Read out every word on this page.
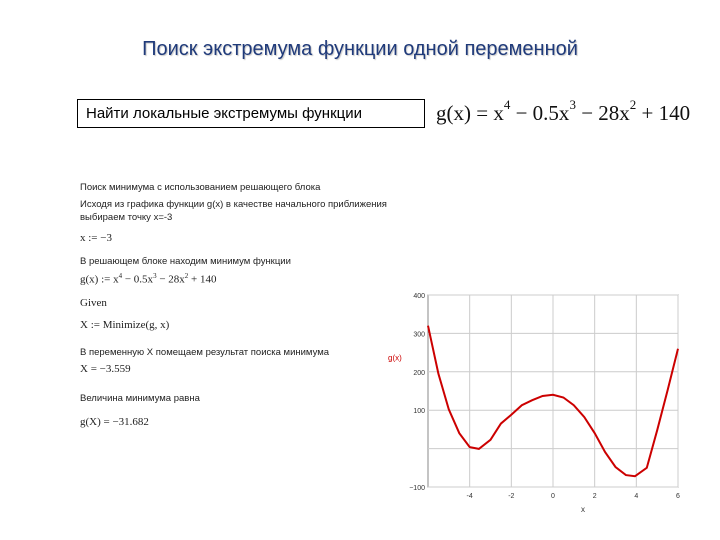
Поиск экстремума функции одной переменной
Найти локальные экстремумы функции	$g(x) = x^4 - 0.5x^3 - 28x^2 + 140$
Поиск минимума с использованием решающего блока
Исходя из графика функции g(x) в качестве начального приближения
выбираем точку x=-3
x := −3
В решающем блоке находим минимум функции
g(x) := $x^4 - 0.5x^3 - 28x^2 + 140$
Given
X := Minimize(g, x)
В переменную X помещаем результат поиска минимума
X = −3.559
Величина минимума равна
g(X) = −31.682
-4	-2	0	2	4	6
400
300
200
100
−100
x
g(x)
